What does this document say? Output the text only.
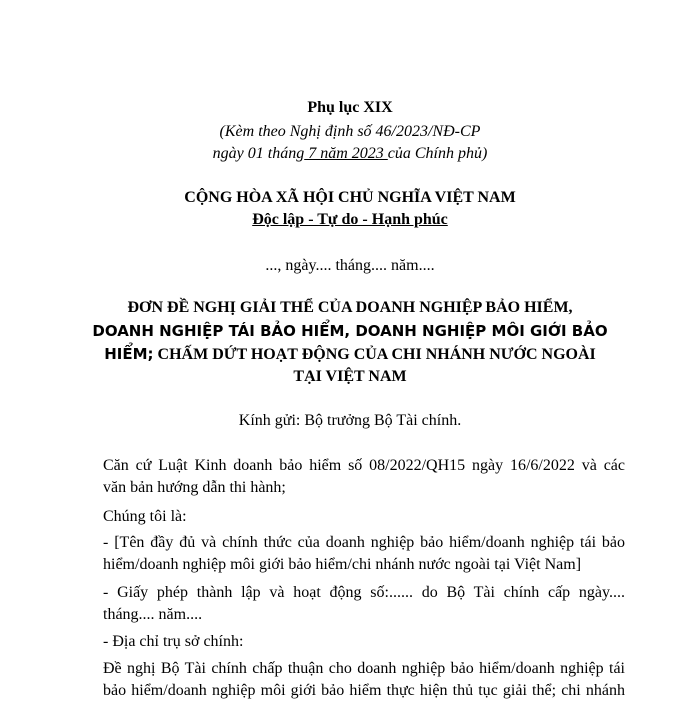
Phụ lục XIX
(Kèm theo Nghị định số 46/2023/NĐ-CP
ngày 01 tháng 7 năm 2023 của Chính phủ)
CỘNG HÒA XÃ HỘI CHỦ NGHĨA VIỆT NAM
Độc lập - Tự do - Hạnh phúc
..., ngày.... tháng.... năm....
ĐƠN ĐỀ NGHỊ GIẢI THỂ CỦA DOANH NGHIỆP BẢO HIỂM,
DOANH NGHIỆP TÁI BẢO HIỂM, DOANH NGHIỆP MÔI GIỚI BẢO
HIỂM; CHẤM DỨT HOẠT ĐỘNG CỦA CHI NHÁNH NƯỚC NGOÀI
TẠI VIỆT NAM
Kính gửi: Bộ trưởng Bộ Tài chính.
Căn cứ Luật Kinh doanh bảo hiểm số 08/2022/QH15 ngày 16/6/2022 và các
văn bản hướng dẫn thi hành;
Chúng tôi là:
- [Tên đầy đủ và chính thức của doanh nghiệp bảo hiểm/doanh nghiệp tái bảo
hiểm/doanh nghiệp môi giới bảo hiểm/chi nhánh nước ngoài tại Việt Nam]
- Giấy phép thành lập và hoạt động số:...... do Bộ Tài chính cấp ngày....
tháng.... năm....
- Địa chỉ trụ sở chính:
Đề nghị Bộ Tài chính chấp thuận cho doanh nghiệp bảo hiểm/doanh nghiệp tái
bảo hiểm/doanh nghiệp môi giới bảo hiểm thực hiện thủ tục giải thể; chi nhánh
